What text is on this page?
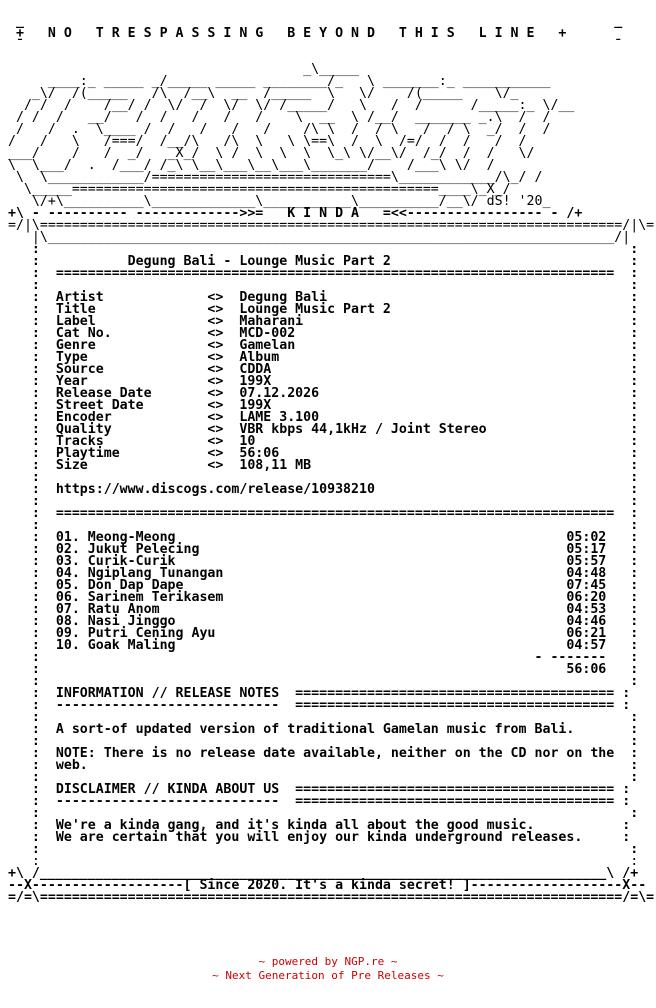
_                                                                          _
+   N O   T R E S P A S S I N G   B E Y O N D   T H I S   L I N E   +
¯                                                                          ¯
_\_____
____:_ _____ _/_____ _____ ________/_   \ _______:_ ___________
_\/  /(_____   /\  /__\  __  /_____  \   \/    /(_____    \/_
/ /  /    /__/ /  \/  /  \/  \/ /_____/   \   /  /      /_____:_ \/__
/ /  /   __/   /  /   /   /   /    \  __  \ /__/  _______ _.\  /  /
/   /  .  \____ /  /   /   /   /    /\ \  /  / \   /  / \  _/  /  /
/   /   \   /===/  /__/\   /\  \   \ \==\  /  \  /=/  /  /   /  /
___/    /   /  _/   _X_/  \ /  \  \  \  \_\ \/__\/  /_/  /  /   \/
\  \___/  .  /___/ /_\ \__\___\__\___\_______/    /___\ \/  /
\  \____________/==============================\____________/\_/ /
\_____==============================================____\_X_/
\/+\__________\_____________\___________\__________/__\/ dS! '20_
+\ - ---------- ------------->>=   K I N D A   =<<----------------- - /+
=/|\=========================================================================/|\=
|\_______________________________________________________________________/|
:                                                                          :
:           Degung Bali - Lounge Music Part 2                              :
:  ======================================================================  :
:                                                                          :
:  Artist             <>  Degung Bali                                      :
:  Title              <>  Lounge Music Part 2                              :
:  Label              <>  Maharani                                         :
:  Cat No.            <>  MCD-002                                          :
:  Genre              <>  Gamelan                                          :
:  Type               <>  Album                                            :
:  Source             <>  CDDA                                             :
:  Year               <>  199X                                             :
:  Release Date       <>  07.12.2026                                       :
:  Street Date        <>  199X                                             :
:  Encoder            <>  LAME 3.100                                       :
:  Quality            <>  VBR kbps 44,1kHz / Joint Stereo                  :
:  Tracks             <>  10                                               :
:  Playtime           <>  56:06                                            :
:  Size               <>  108,11 MB                                        :
:                                                                          :
:  https://www.discogs.com/release/10938210                                :
:                                                                          :
:  ======================================================================  :
:                                                                          :
:  01. Meong-Meong                                                 05:02   :
:  02. Jukut Pelecing                                              05:17   :
:  03. Curik-Curik                                                 05:57   :
:  04. Ngiplang Tunangan                                           04:48   :
:  05. Don Dap Dape                                                07:45   :
:  06. Sarinem Terikasem                                           06:20   :
:  07. Ratu Anom                                                   04:53   :
:  08. Nasi Jinggo                                                 04:46   :
:  09. Putri Cening Ayu                                            06:21   :
:  10. Goak Maling                                                 04:57   :
:                                                              - -------   :
:                                                                  56:06   :
:                                                                          :
:  INFORMATION // RELEASE NOTES  ======================================== :
:  ----------------------------  ======================================== :
:                                                                          :
:  A sort-of updated version of traditional Gamelan music from Bali.       :
:                                                                          :
:  NOTE: There is no release date available, neither on the CD nor on the  :
:  web.                                                                    :
:                                                                          :
:  DISCLAIMER // KINDA ABOUT US  ======================================== :
:  ----------------------------  ======================================== :
:                                                                          :
:  We're a kinda gang, and it's kinda all about the good music.           :
:  We are certain that you will enjoy our kinda underground releases.     :
:                                                                          :
:                                                                          :
+\ /_______________________________________________________________________\ /+
--X-------------------[ Since 2020. It's a kinda secret! ]-------------------X--
=/=\=========================================================================/=\=
~ powered by NGP.re ~
~ Next Generation of Pre Releases ~
